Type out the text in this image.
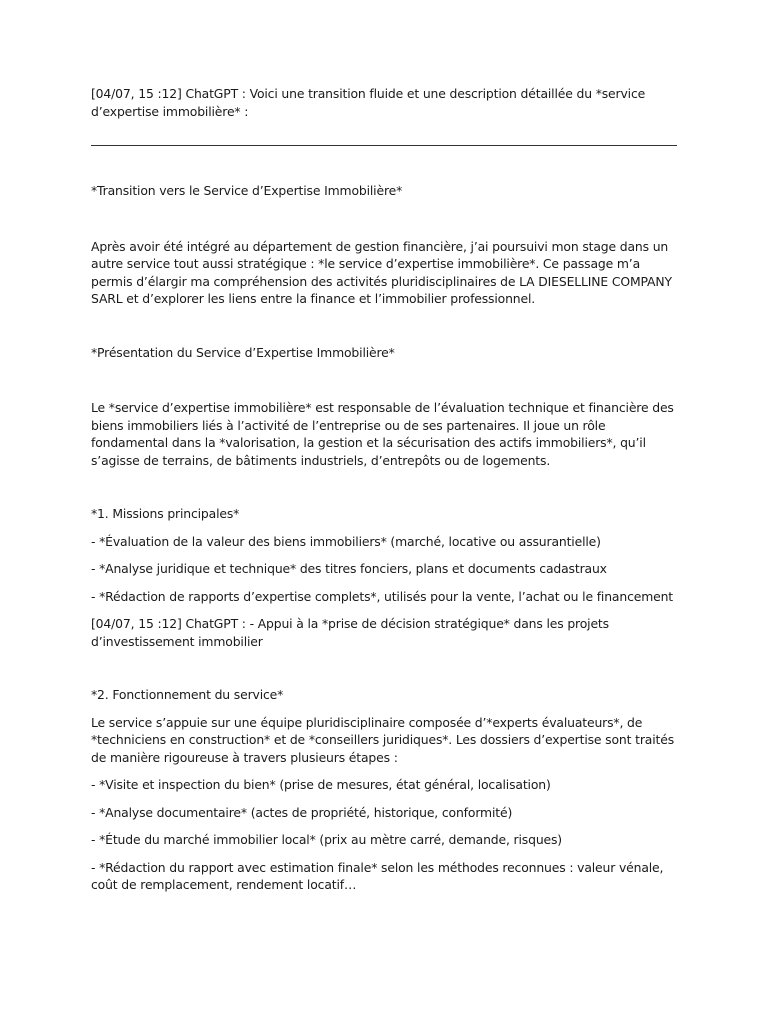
[04/07, 15 :12] ChatGPT : Voici une transition fluide et une description détaillée du *service d’expertise immobilière* :

*Transition vers le Service d’Expertise Immobilière*

Après avoir été intégré au département de gestion financière, j’ai poursuivi mon stage dans un autre service tout aussi stratégique : *le service d’expertise immobilière*. Ce passage m’a permis d’élargir ma compréhension des activités pluridisciplinaires de LA DIESELLINE COMPANY SARL et d’explorer les liens entre la finance et l’immobilier professionnel.

*Présentation du Service d’Expertise Immobilière*

Le *service d’expertise immobilière* est responsable de l’évaluation technique et financière des biens immobiliers liés à l’activité de l’entreprise ou de ses partenaires. Il joue un rôle fondamental dans la *valorisation, la gestion et la sécurisation des actifs immobiliers*, qu’il s’agisse de terrains, de bâtiments industriels, d’entrepôts ou de logements.

*1. Missions principales*

- *Évaluation de la valeur des biens immobiliers* (marché, locative ou assurantielle)

- *Analyse juridique et technique* des titres fonciers, plans et documents cadastraux

- *Rédaction de rapports d’expertise complets*, utilisés pour la vente, l’achat ou le financement

[04/07, 15 :12] ChatGPT : - Appui à la *prise de décision stratégique* dans les projets d’investissement immobilier

*2. Fonctionnement du service*

Le service s’appuie sur une équipe pluridisciplinaire composée d’*experts évaluateurs*, de *techniciens en construction* et de *conseillers juridiques*. Les dossiers d’expertise sont traités de manière rigoureuse à travers plusieurs étapes :

- *Visite et inspection du bien* (prise de mesures, état général, localisation)

- *Analyse documentaire* (actes de propriété, historique, conformité)

- *Étude du marché immobilier local* (prix au mètre carré, demande, risques)

- *Rédaction du rapport avec estimation finale* selon les méthodes reconnues : valeur vénale, coût de remplacement, rendement locatif…
